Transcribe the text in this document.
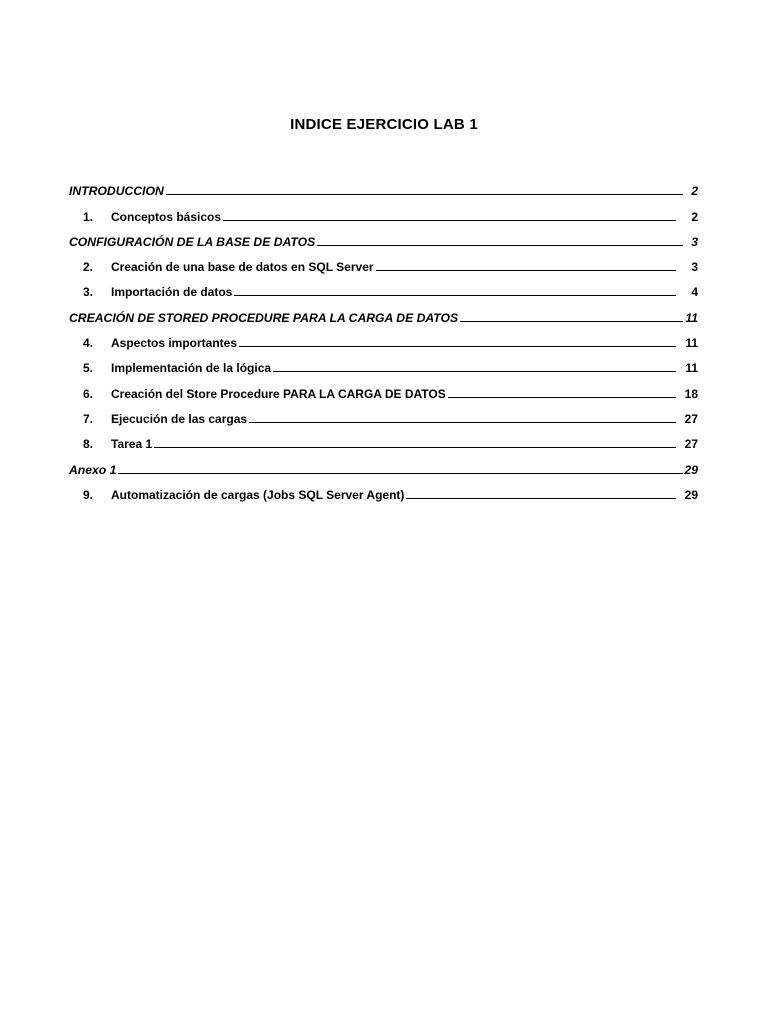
INDICE EJERCICIO LAB 1
INTRODUCCION	2
1.	Conceptos básicos	2
CONFIGURACIÓN DE LA BASE DE DATOS	3
2.	Creación de una base de datos en SQL Server	3
3.	Importación de datos	4
CREACIÓN DE STORED PROCEDURE PARA LA CARGA DE DATOS	11
4.	Aspectos importantes	11
5.	Implementación de la lógica	11
6.	Creación del Store Procedure PARA LA CARGA DE DATOS	18
7.	Ejecución de las cargas	27
8.	Tarea 1	27
Anexo 1	29
9.	Automatización de cargas (Jobs SQL Server Agent)	29
